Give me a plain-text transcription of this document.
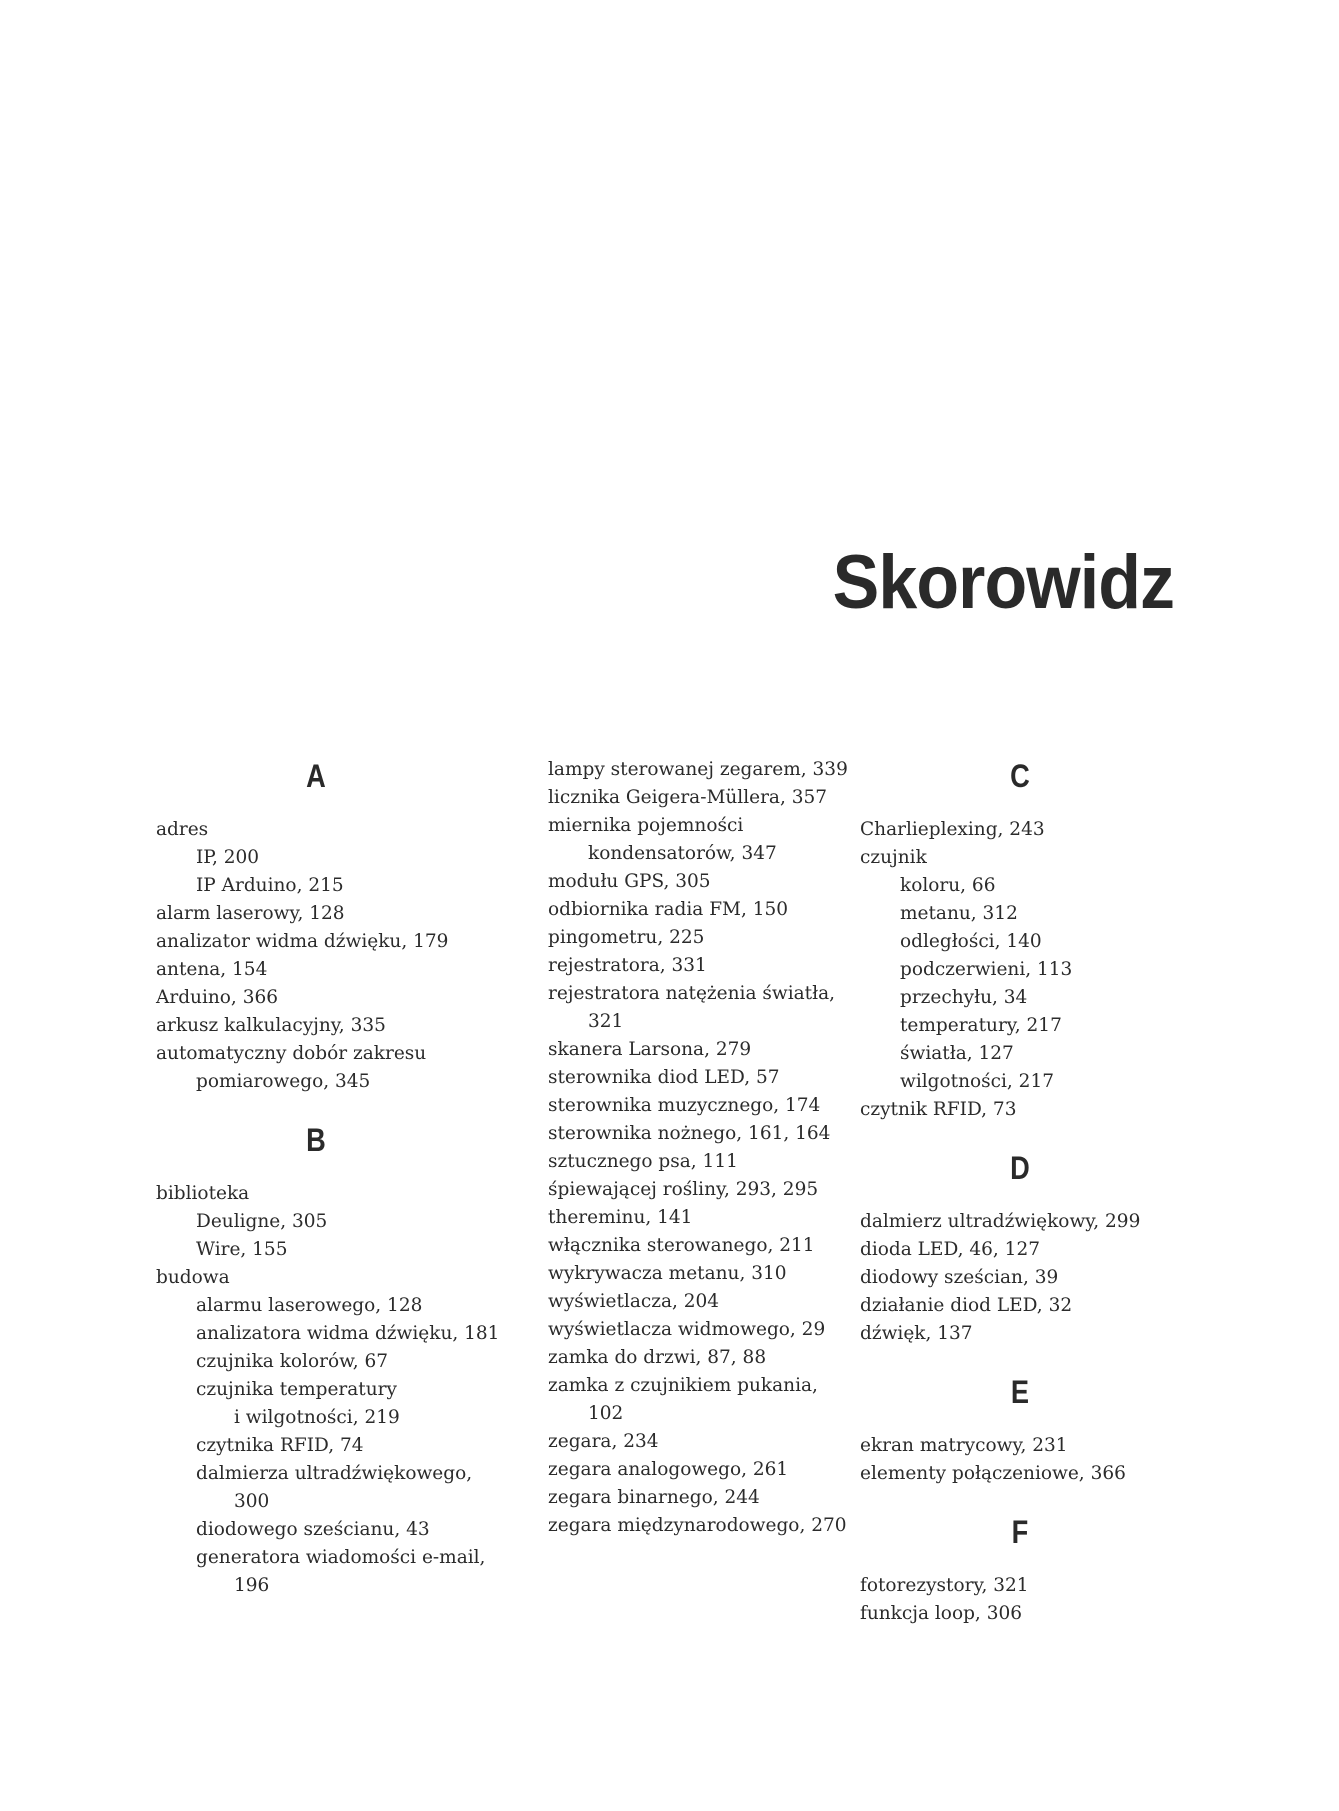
Skorowidz
A
adres
IP, 200
IP Arduino, 215
alarm laserowy, 128
analizator widma dźwięku, 179
antena, 154
Arduino, 366
arkusz kalkulacyjny, 335
automatyczny dobór zakresu
pomiarowego, 345
B
biblioteka
Deuligne, 305
Wire, 155
budowa
alarmu laserowego, 128
analizatora widma dźwięku, 181
czujnika kolorów, 67
czujnika temperatury
i wilgotności, 219
czytnika RFID, 74
dalmierza ultradźwiękowego,
300
diodowego sześcianu, 43
generatora wiadomości e-mail,
196
lampy sterowanej zegarem, 339
licznika Geigera-Müllera, 357
miernika pojemności
kondensatorów, 347
modułu GPS, 305
odbiornika radia FM, 150
pingometru, 225
rejestratora, 331
rejestratora natężenia światła,
321
skanera Larsona, 279
sterownika diod LED, 57
sterownika muzycznego, 174
sterownika nożnego, 161, 164
sztucznego psa, 111
śpiewającej rośliny, 293, 295
thereminu, 141
włącznika sterowanego, 211
wykrywacza metanu, 310
wyświetlacza, 204
wyświetlacza widmowego, 29
zamka do drzwi, 87, 88
zamka z czujnikiem pukania,
102
zegara, 234
zegara analogowego, 261
zegara binarnego, 244
zegara międzynarodowego, 270
C
Charlieplexing, 243
czujnik
koloru, 66
metanu, 312
odległości, 140
podczerwieni, 113
przechyłu, 34
temperatury, 217
światła, 127
wilgotności, 217
czytnik RFID, 73
D
dalmierz ultradźwiękowy, 299
dioda LED, 46, 127
diodowy sześcian, 39
działanie diod LED, 32
dźwięk, 137
E
ekran matrycowy, 231
elementy połączeniowe, 366
F
fotorezystory, 321
funkcja loop, 306
